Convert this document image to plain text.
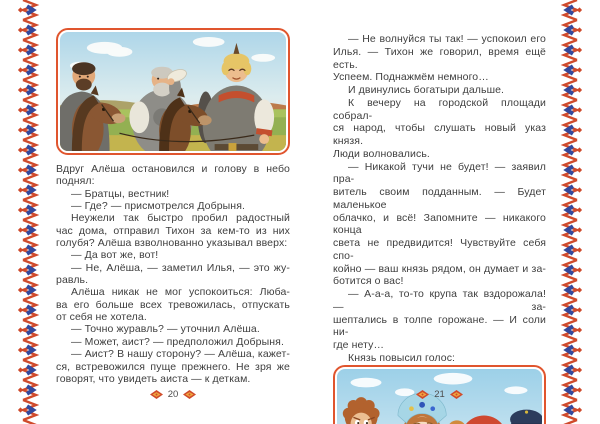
Вдруг Алёша остановился и голову в небо
поднял:
— Братцы, вестник!
— Где? — присмотрелся Добрыня.
Неужели так быстро пробил радостный
час дома, отправил Тихон за кем-то из них
голубя? Алёша взволнованно указывал вверх:
— Да вот же, вот!
— Не, Алёша, — заметил Илья, — это жу-
равль.
Алёша никак не мог успокоиться: Люба-
ва его больше всех тревожилась, отпускать
от себя не хотела.
— Точно журавль? — уточнил Алёша.
— Может, аист? — предположил Добрыня.
— Аист? В нашу сторону? — Алёша, кажет-
ся, встревожился пуще прежнего. Не зря же
говорят, что увидеть аиста — к деткам.
— Не волнуйся ты так! — успокоил его
Илья. — Тихон же говорил, время ещё есть.
Успеем. Поднажмём немного…
И двинулись богатыри дальше.
К вечеру на городской площади собрал-
ся народ, чтобы слушать новый указ князя.
Люди волновались.
— Никакой тучи не будет! — заявил пра-
витель своим подданным. — Будет маленькое
облачко, и всё! Запомните — никакого конца
света не предвидится! Чувствуйте себя спо-
койно — ваш князь рядом, он думает и за-
ботится о вас!
— А-а-а, то-то крупа так вздорожала! — за-
шептались в толпе горожане. — И соли ни-
где нету…
Князь повысил голос:
20	21
